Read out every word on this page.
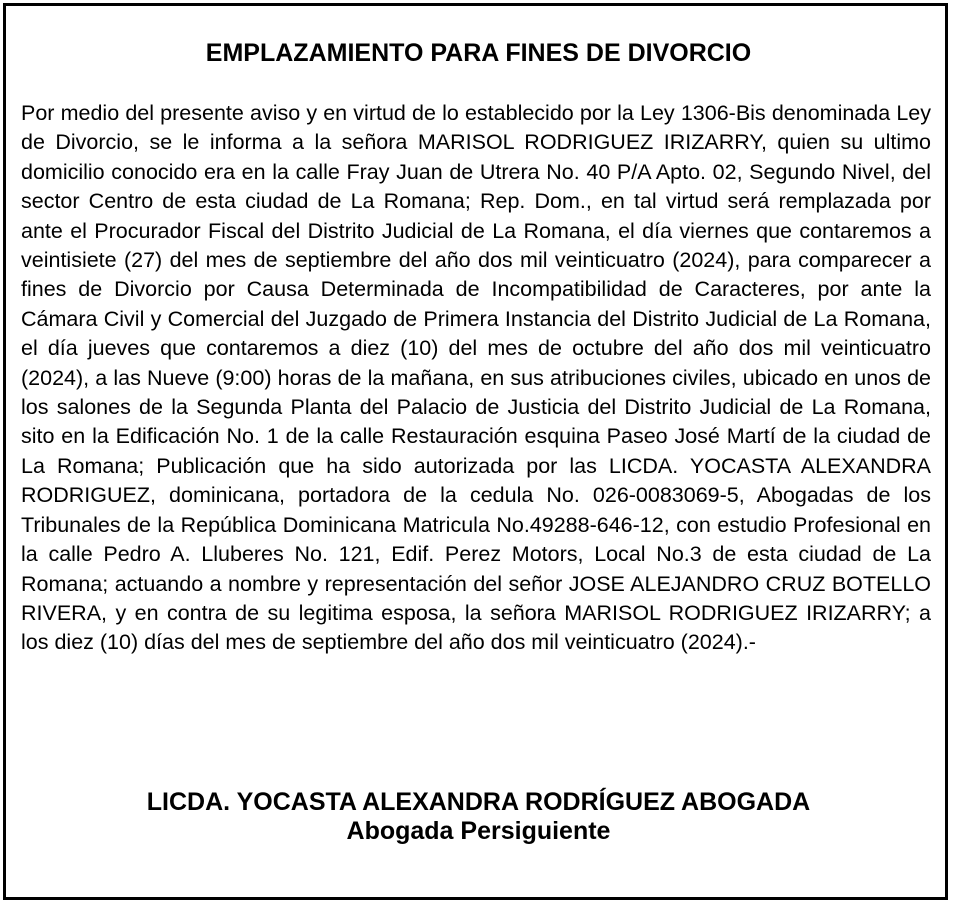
EMPLAZAMIENTO PARA FINES DE DIVORCIO

Por medio del presente aviso y en virtud de lo establecido por la Ley 1306-Bis denominada Ley de Divorcio, se le informa a la señora MARISOL RODRIGUEZ IRIZARRY, quien su ultimo domicilio conocido era en la calle Fray Juan de Utrera No. 40 P/A Apto. 02, Segundo Nivel, del sector Centro de esta ciudad de La Romana; Rep. Dom., en tal virtud será remplazada por ante el Procurador Fiscal del Distrito Judicial de La Romana, el día viernes que contaremos a veintisiete (27) del mes de septiembre del año dos mil veinticuatro (2024), para comparecer a fines de Divorcio por Causa Determinada de Incompatibilidad de Caracteres, por ante la Cámara Civil y Comercial del Juzgado de Primera Instancia del Distrito Judicial de La Romana, el día jueves que contaremos a diez (10) del mes de octubre del año dos mil veinticuatro (2024), a las Nueve (9:00) horas de la mañana, en sus atribuciones civiles, ubicado en unos de los salones de la Segunda Planta del Palacio de Justicia del Distrito Judicial de La Romana, sito en la Edificación No. 1 de la calle Restauración esquina Paseo José Martí de la ciudad de La Romana; Publicación que ha sido autorizada por las LICDA. YOCASTA ALEXANDRA RODRIGUEZ, dominicana, portadora de la cedula No. 026-0083069-5, Abogadas de los Tribunales de la República Dominicana Matricula No.49288-646-12, con estudio Profesional en la calle Pedro A. Lluberes No. 121, Edif. Perez Motors, Local No.3 de esta ciudad de La Romana; actuando a nombre y representación del señor JOSE ALEJANDRO CRUZ BOTELLO RIVERA, y en contra de su legitima esposa, la señora MARISOL RODRIGUEZ IRIZARRY; a los diez (10) días del mes de septiembre del año dos mil veinticuatro (2024).-

LICDA. YOCASTA ALEXANDRA RODRÍGUEZ ABOGADA
Abogada Persiguiente
